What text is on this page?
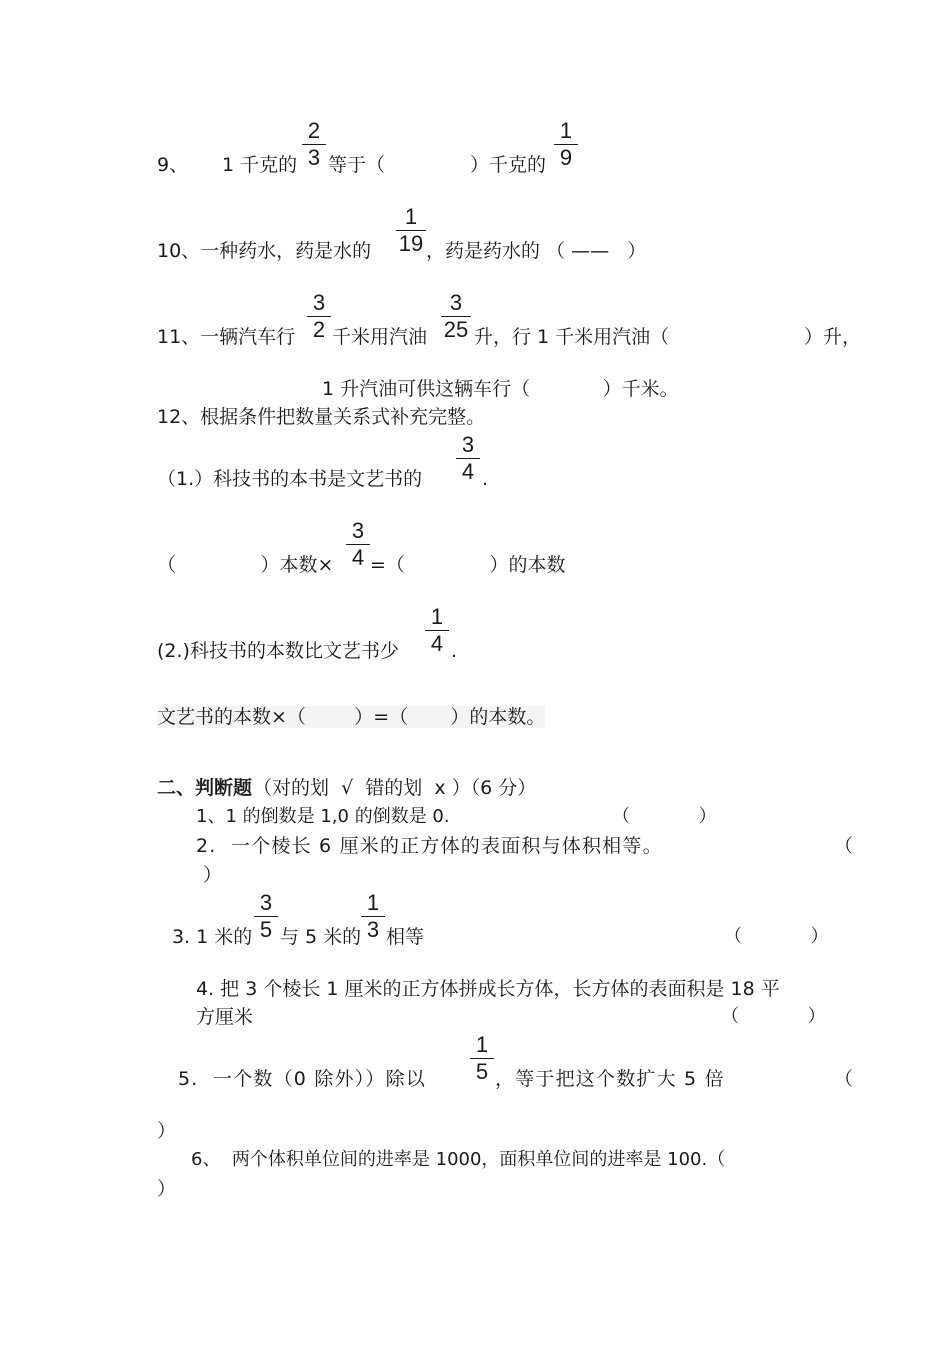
9、 1 千克的
2
3 等于（	）千克的
1
9
10、一种药水，药是水的
1
19 ，药是药水的 （ ——   ）
11、一辆汽车行
3
2 千米用汽油
3
25 升，行 1 千米用汽油（	）升，
1 升汽油可供这辆车行（            ）千米。
12、根据条件把数量关系式补充完整。
（1.）科技书的本书是文艺书的
3
4 .
（              ）本数×
3
4 =（              ）的本数
(2.)科技书的本数比文艺书少
1
4 .
文艺书的本数×（        ）=（       ）的本数。
二、判断题 （对的划  √  错的划  x ）（6 分）
1、1 的倒数是 1,0 的倒数是 0.	（            ）
2.  一个棱长 6 厘米的正方体的表面积与体积相等。	（
）
3. 1 米的
3
5 与 5 米的
1
3 相等	（            ）
4. 把 3 个棱长 1 厘米的正方体拼成长方体，长方体的表面积是 18 平
方厘米	（            ）
5.  一个数（0 除外））除以
1
5 ，等于把这个数扩大 5 倍	（
）
6、  两个体积单位间的进率是 1000，面积单位间的进率是 100.（
）
